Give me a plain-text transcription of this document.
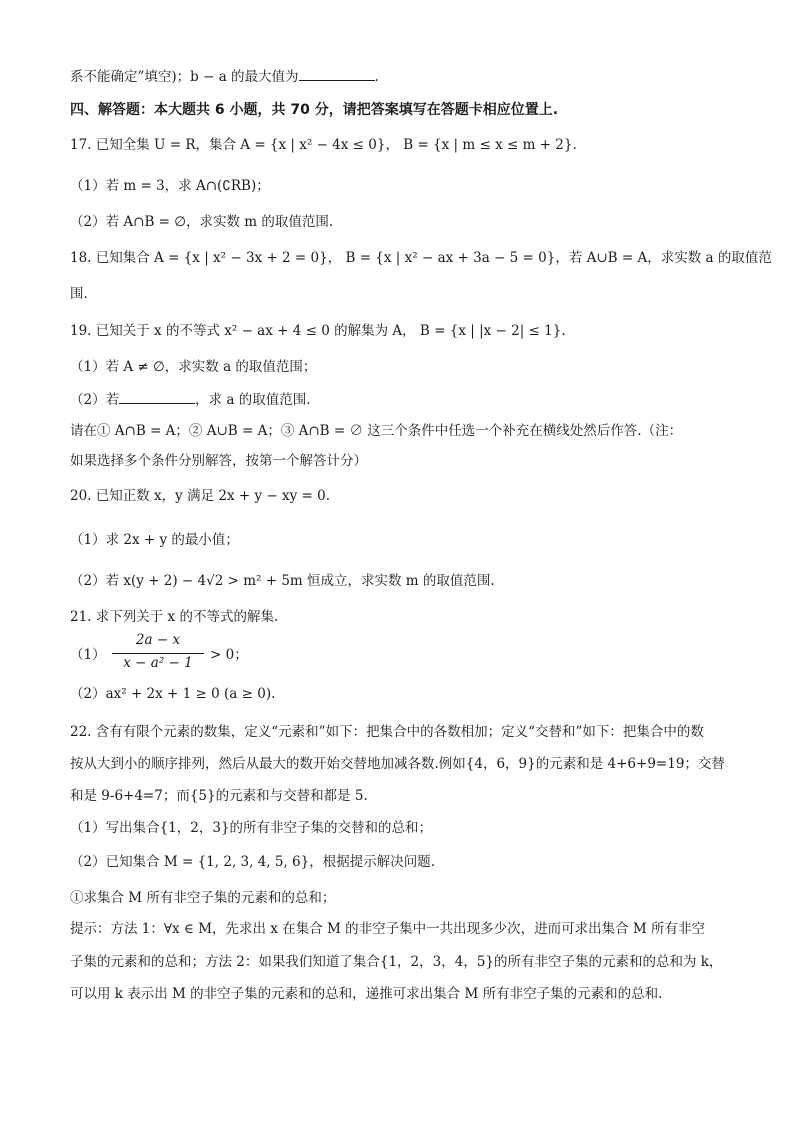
系不能确定”填空)；b − a 的最大值为	.
四、解答题：本大题共 6 小题，共 70 分，请把答案填写在答题卡相应位置上.
17. 已知全集 U = R，集合 A = {x | x² − 4x ≤ 0}， B = {x | m ≤ x ≤ m + 2}.
（1）若 m = 3，求 A∩(∁RB)；
（2）若 A∩B = ∅，求实数 m 的取值范围.
18. 已知集合 A = {x | x² − 3x + 2 = 0}， B = {x | x² − ax + 3a − 5 = 0}，若 A∪B = A，求实数 a 的取值范
围.
19. 已知关于 x 的不等式 x² − ax + 4 ≤ 0 的解集为 A， B = {x | |x − 2| ≤ 1}.
（1）若 A ≠ ∅，求实数 a 的取值范围；
（2）若	，求 a 的取值范围.
请在① A∩B = A；② A∪B = A；③ A∩B = ∅ 这三个条件中任选一个补充在横线处然后作答.（注：
如果选择多个条件分别解答，按第一个解答计分）
20. 已知正数 x，y 满足 2x + y − xy = 0.
（1）求 2x + y 的最小值；
（2）若 x(y + 2) − 4√2 > m² + 5m 恒成立，求实数 m 的取值范围.
21. 求下列关于 x 的不等式的解集.
（2）ax² + 2x + 1 ≥ 0 (a ≥ 0).
22. 含有有限个元素的数集，定义“元素和”如下：把集合中的各数相加；定义“交替和”如下：把集合中的数
按从大到小的顺序排列，然后从最大的数开始交替地加减各数.例如{4，6，9}的元素和是 4+6+9=19；交替
和是 9-6+4=7；而{5}的元素和与交替和都是 5.
（1）写出集合{1，2，3}的所有非空子集的交替和的总和；
（2）已知集合 M = {1, 2, 3, 4, 5, 6}，根据提示解决问题.
①求集合 M 所有非空子集的元素和的总和；
提示：方法 1：∀x ∈ M，先求出 x 在集合 M 的非空子集中一共出现多少次，进而可求出集合 M 所有非空
子集的元素和的总和；方法 2：如果我们知道了集合{1，2，3，4，5}的所有非空子集的元素和的总和为 k，
可以用 k 表示出 M 的非空子集的元素和的总和，递推可求出集合 M 所有非空子集的元素和的总和.
（1）
2a − x
x − a² − 1	> 0；
